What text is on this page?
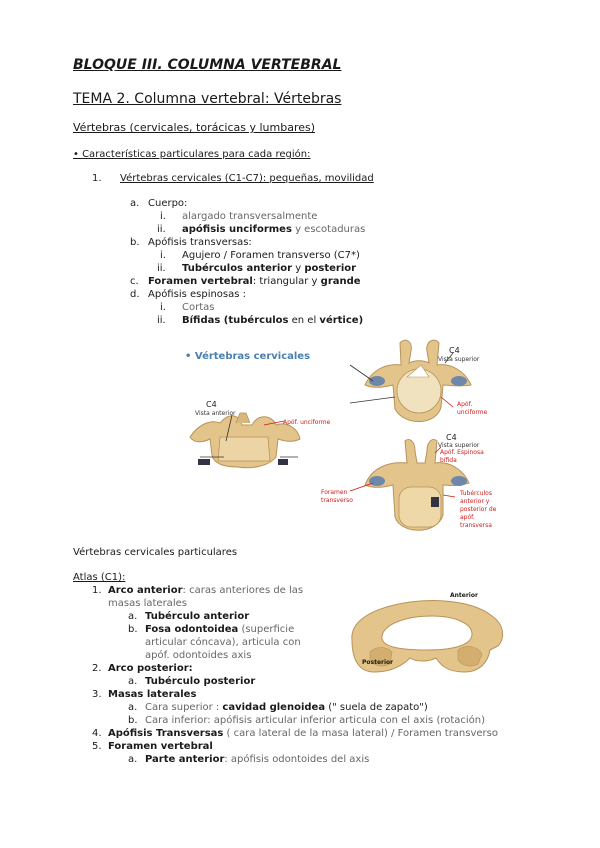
BLOQUE III. COLUMNA VERTEBRAL
TEMA 2. Columna vertebral: Vértebras
Vértebras (cervicales, torácicas y lumbares)
• Características particulares para cada región:
1. Vértebras cervicales (C1-C7): pequeñas, movilidad
a. Cuerpo:
i. alargado transversalmente
ii. apófisis unciformes y escotaduras
b. Apófisis transversas:
i. Agujero / Foramen transverso (C7*)
ii. Tubérculos anterior y posterior
c. Foramen vertebral: triangular y grande
d. Apófisis espinosas :
i. Cortas
ii. Bífidas (tubérculos en el vértice)
• Vértebras cervicales
C4
Vista anterior
Apóf. unciforme
C4
Vista superior
Apóf.
unciforme
C4
Vista superior
Apóf. Espinosa
bífida
Foramen
transverso
Tubérculos
anterior y
posterior de
apóf.
transversa
Vértebras cervicales particulares
Atlas (C1):
1. Arco anterior: caras anteriores de las
masas laterales
a. Tubérculo anterior
b. Fosa odontoidea (superficie
articular cóncava), articula con
apóf. odontoides axis
2. Arco posterior:
a. Tubérculo posterior
3. Masas laterales
a. Cara superior : cavidad glenoidea (" suela de zapato")
b. Cara inferior: apófisis articular inferior articula con el axis (rotación)
4. Apófisis Transversas ( cara lateral de la masa lateral) / Foramen transverso
5. Foramen vertebral
a. Parte anterior: apófisis odontoides del axis
Anterior
Posterior
